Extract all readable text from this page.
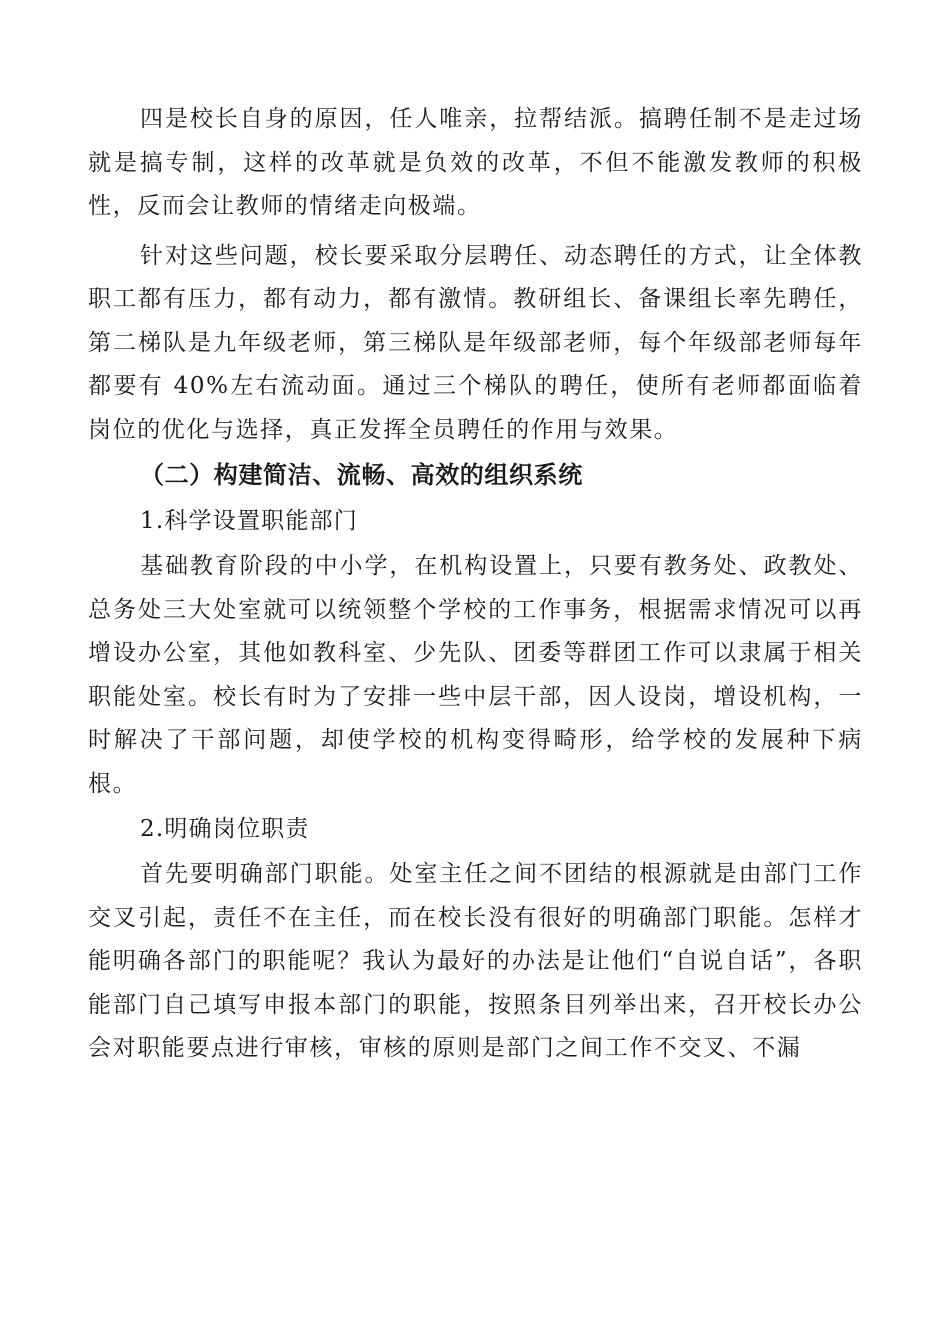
四是校长自身的原因，任人唯亲，拉帮结派。搞聘任制不是走过场就是搞专制，这样的改革就是负效的改革，不但不能激发教师的积极性，反而会让教师的情绪走向极端。

针对这些问题，校长要采取分层聘任、动态聘任的方式，让全体教职工都有压力，都有动力，都有激情。教研组长、备课组长率先聘任，第二梯队是九年级老师，第三梯队是年级部老师，每个年级部老师每年都要有 40%左右流动面。通过三个梯队的聘任，使所有老师都面临着岗位的优化与选择，真正发挥全员聘任的作用与效果。

（二）构建简洁、流畅、高效的组织系统

1.科学设置职能部门

基础教育阶段的中小学，在机构设置上，只要有教务处、政教处、总务处三大处室就可以统领整个学校的工作事务，根据需求情况可以再增设办公室，其他如教科室、少先队、团委等群团工作可以隶属于相关职能处室。校长有时为了安排一些中层干部，因人设岗，增设机构，一时解决了干部问题，却使学校的机构变得畸形，给学校的发展种下病根。

2.明确岗位职责

首先要明确部门职能。处室主任之间不团结的根源就是由部门工作交叉引起，责任不在主任，而在校长没有很好的明确部门职能。怎样才能明确各部门的职能呢？我认为最好的办法是让他们“自说自话”，各职能部门自己填写申报本部门的职能，按照条目列举出来，召开校长办公会对职能要点进行审核，审核的原则是部门之间工作不交叉、不漏
